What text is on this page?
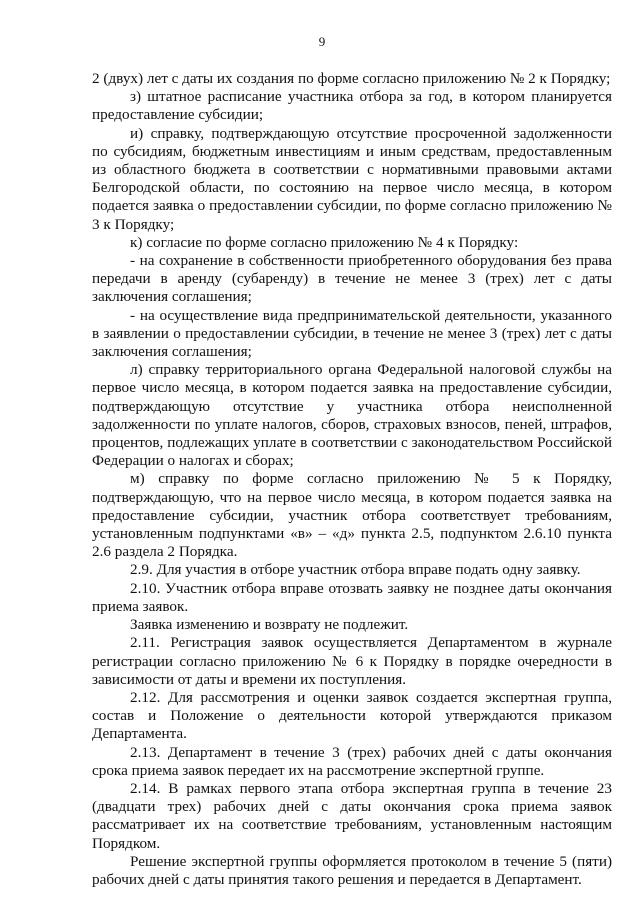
9

2 (двух) лет с даты их создания по форме согласно приложению № 2 к Порядку;

з) штатное расписание участника отбора за год, в котором планируется предоставление субсидии;

и) справку, подтверждающую отсутствие просроченной задолженности по субсидиям, бюджетным инвестициям и иным средствам, предоставленным из областного бюджета в соответствии с нормативными правовыми актами Белгородской области, по состоянию на первое число месяца, в котором подается заявка о предоставлении субсидии, по форме согласно приложению № 3 к Порядку;

к) согласие по форме согласно приложению № 4 к Порядку:

- на сохранение в собственности приобретенного оборудования без права передачи в аренду (субаренду) в течение не менее 3 (трех) лет с даты заключения соглашения;

- на осуществление вида предпринимательской деятельности, указанного в заявлении о предоставлении субсидии, в течение не менее 3 (трех) лет с даты заключения соглашения;

л) справку территориального органа Федеральной налоговой службы на первое число месяца, в котором подается заявка на предоставление субсидии, подтверждающую отсутствие у участника отбора неисполненной задолженности по уплате налогов, сборов, страховых взносов, пеней, штрафов, процентов, подлежащих уплате в соответствии с законодательством Российской Федерации о налогах и сборах;

м) справку по форме согласно приложению № 5 к Порядку, подтверждающую, что на первое число месяца, в котором подается заявка на предоставление субсидии, участник отбора соответствует требованиям, установленным подпунктами «в» – «д» пункта 2.5, подпунктом 2.6.10 пункта 2.6 раздела 2 Порядка.

2.9. Для участия в отборе участник отбора вправе подать одну заявку.

2.10. Участник отбора вправе отозвать заявку не позднее даты окончания приема заявок.

Заявка изменению и возврату не подлежит.

2.11. Регистрация заявок осуществляется Департаментом в журнале регистрации согласно приложению № 6 к Порядку в порядке очередности в зависимости от даты и времени их поступления.

2.12. Для рассмотрения и оценки заявок создается экспертная группа, состав и Положение о деятельности которой утверждаются приказом Департамента.

2.13. Департамент в течение 3 (трех) рабочих дней с даты окончания срока приема заявок передает их на рассмотрение экспертной группе.

2.14. В рамках первого этапа отбора экспертная группа в течение 23 (двадцати трех) рабочих дней с даты окончания срока приема заявок рассматривает их на соответствие требованиям, установленным настоящим Порядком.

Решение экспертной группы оформляется протоколом в течение 5 (пяти) рабочих дней с даты принятия такого решения и передается в Департамент.
